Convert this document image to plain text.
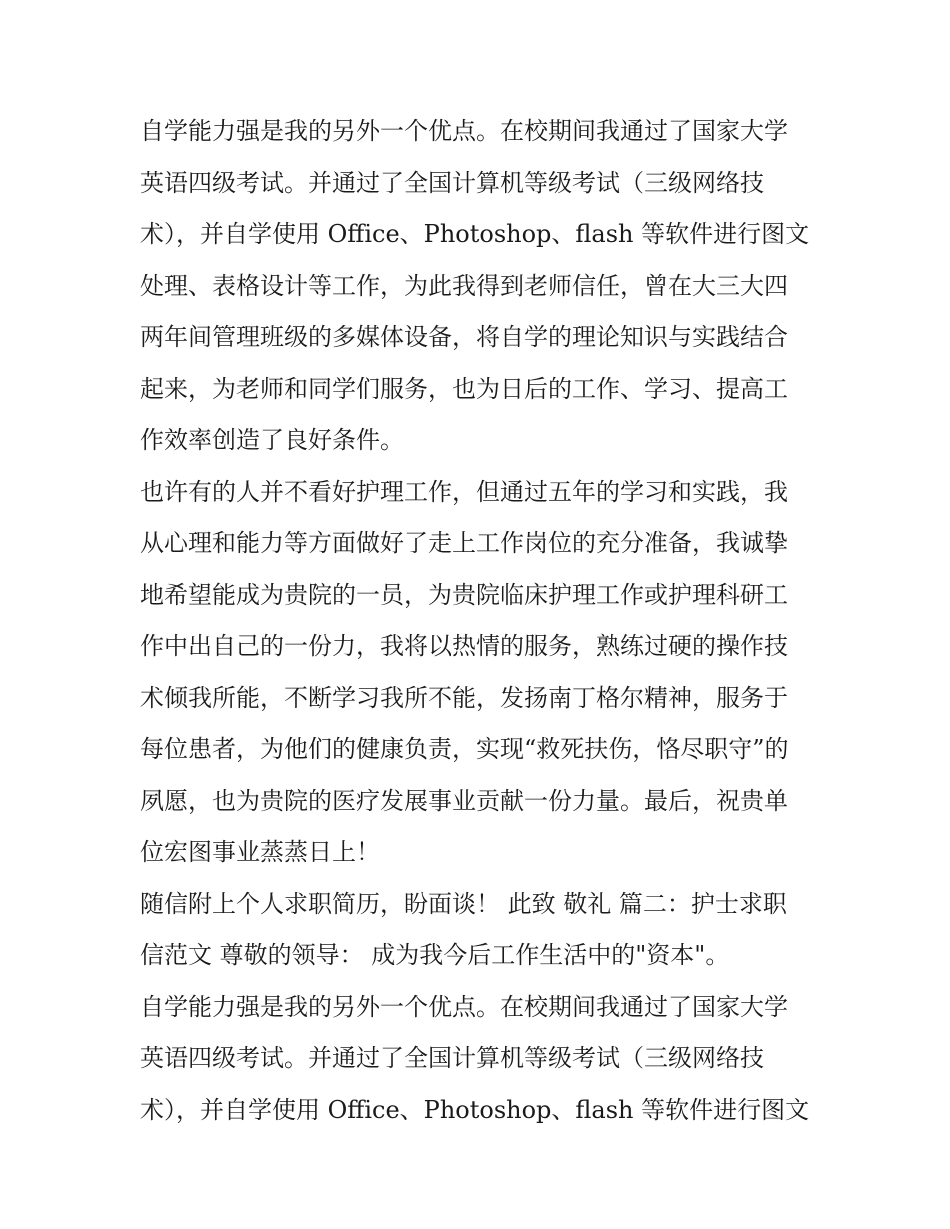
自学能力强是我的另外一个优点。在校期间我通过了国家大学
英语四级考试。并通过了全国计算机等级考试（三级网络技
术），并自学使用 Office、Photoshop、flash 等软件进行图文
处理、表格设计等工作，为此我得到老师信任，曾在大三大四
两年间管理班级的多媒体设备，将自学的理论知识与实践结合
起来，为老师和同学们服务，也为日后的工作、学习、提高工
作效率创造了良好条件。
也许有的人并不看好护理工作，但通过五年的学习和实践，我
从心理和能力等方面做好了走上工作岗位的充分准备，我诚挚
地希望能成为贵院的一员，为贵院临床护理工作或护理科研工
作中出自己的一份力，我将以热情的服务，熟练过硬的操作技
术倾我所能，不断学习我所不能，发扬南丁格尔精神，服务于
每位患者，为他们的健康负责，实现“救死扶伤，恪尽职守”的
夙愿，也为贵院的医疗发展事业贡献一份力量。最后，祝贵单
位宏图事业蒸蒸日上！
随信附上个人求职简历，盼面谈！ 此致 敬礼 篇二：护士求职
信范文 尊敬的领导： 成为我今后工作生活中的"资本"。
自学能力强是我的另外一个优点。在校期间我通过了国家大学
英语四级考试。并通过了全国计算机等级考试（三级网络技
术），并自学使用 Office、Photoshop、flash 等软件进行图文
